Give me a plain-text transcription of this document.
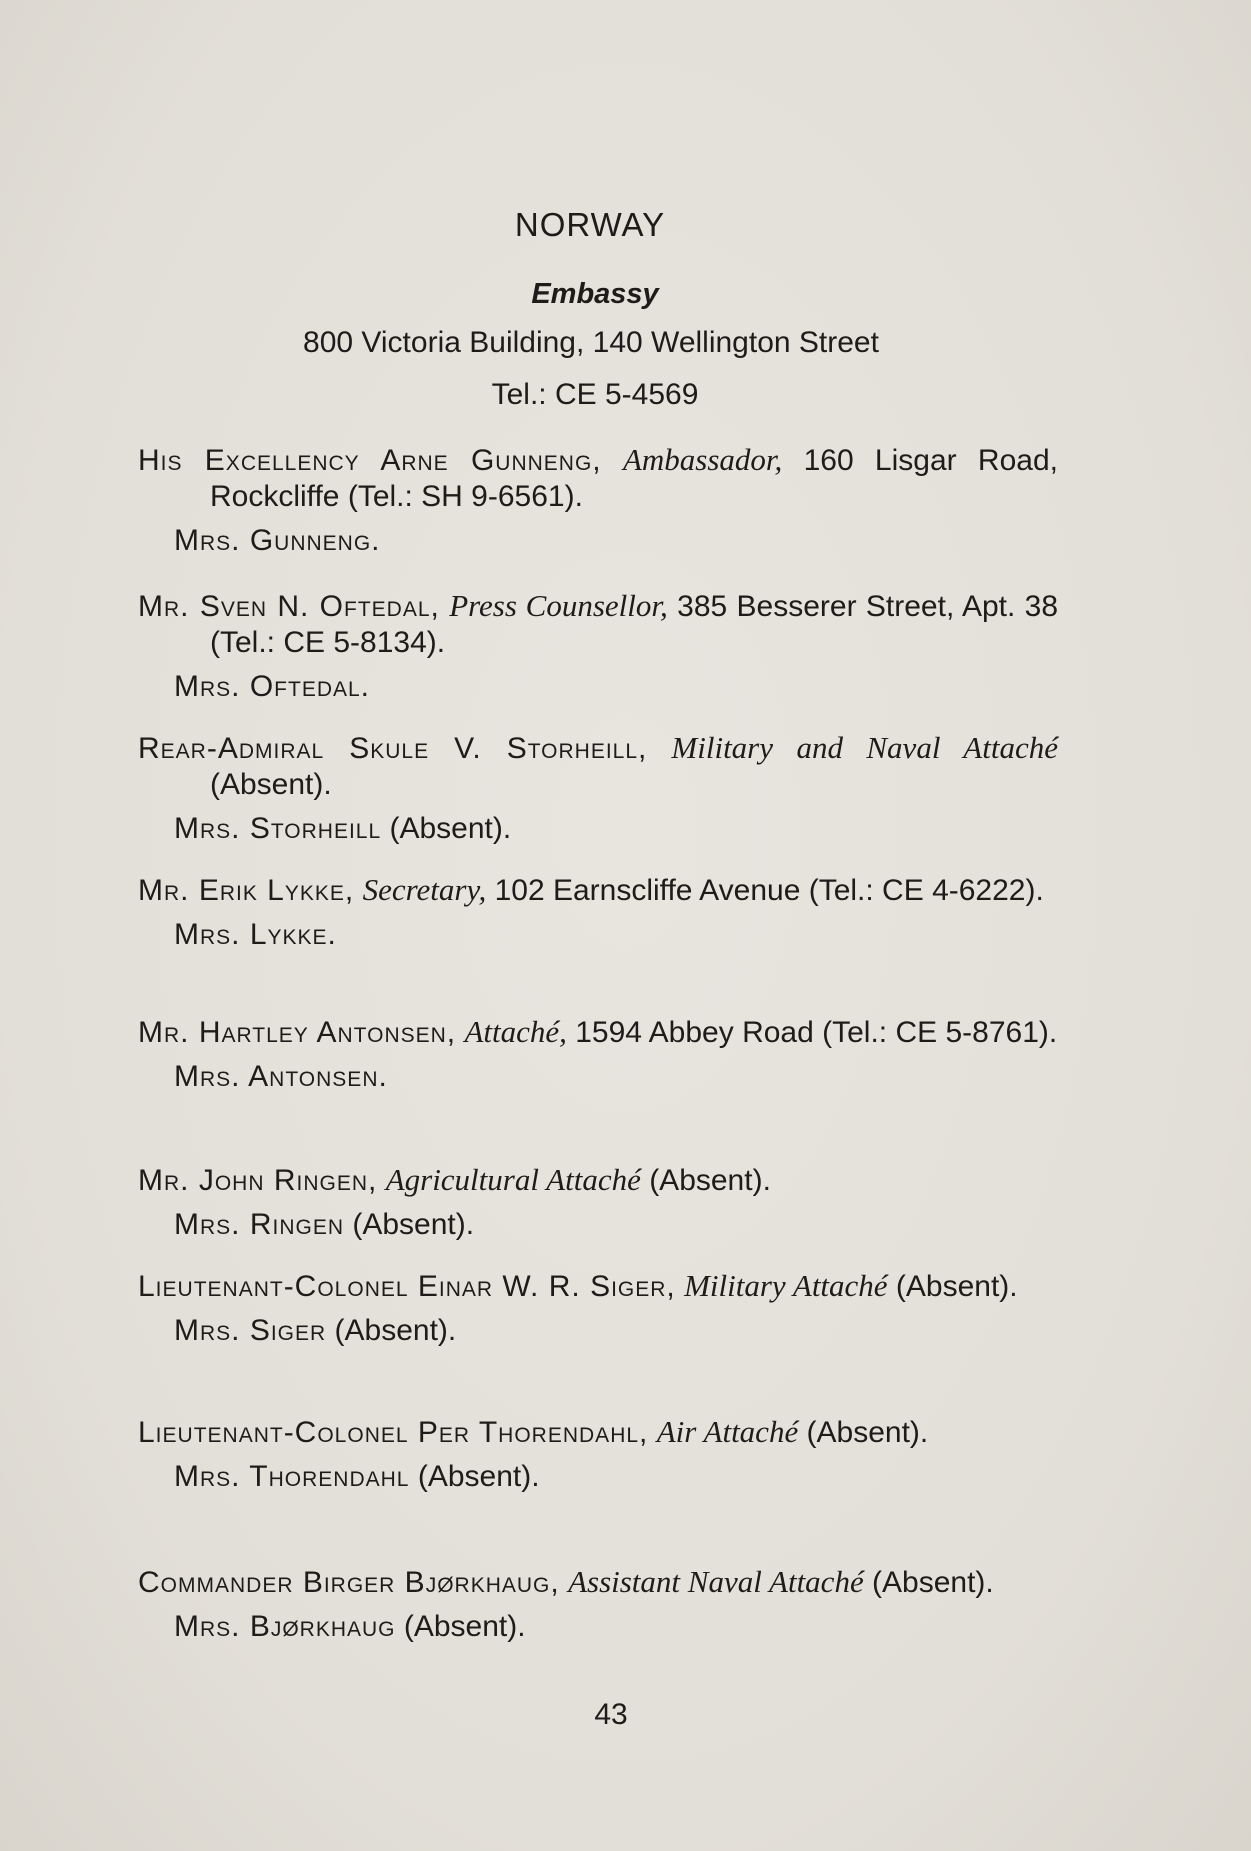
NORWAY
Embassy
800 Victoria Building, 140 Wellington Street
Tel.: CE 5-4569
His Excellency Arne Gunneng, Ambassador, 160 Lisgar Road, Rockcliffe (Tel.: SH 9-6561).
Mrs. Gunneng.
Mr. Sven N. Oftedal, Press Counsellor, 385 Besserer Street, Apt. 38 (Tel.: CE 5-8134).
Mrs. Oftedal.
Rear-Admiral Skule V. Storheill, Military and Naval Attaché (Absent).
Mrs. Storheill (Absent).
Mr. Erik Lykke, Secretary, 102 Earnscliffe Avenue (Tel.: CE 4-6222).
Mrs. Lykke.
Mr. Hartley Antonsen, Attaché, 1594 Abbey Road (Tel.: CE 5-8761).
Mrs. Antonsen.
Mr. John Ringen, Agricultural Attaché (Absent).
Mrs. Ringen (Absent).
Lieutenant-Colonel Einar W. R. Siger, Military Attaché (Absent).
Mrs. Siger (Absent).
Lieutenant-Colonel Per Thorendahl, Air Attaché (Absent).
Mrs. Thorendahl (Absent).
Commander Birger Bjørkhaug, Assistant Naval Attaché (Absent).
Mrs. Bjørkhaug (Absent).
43
